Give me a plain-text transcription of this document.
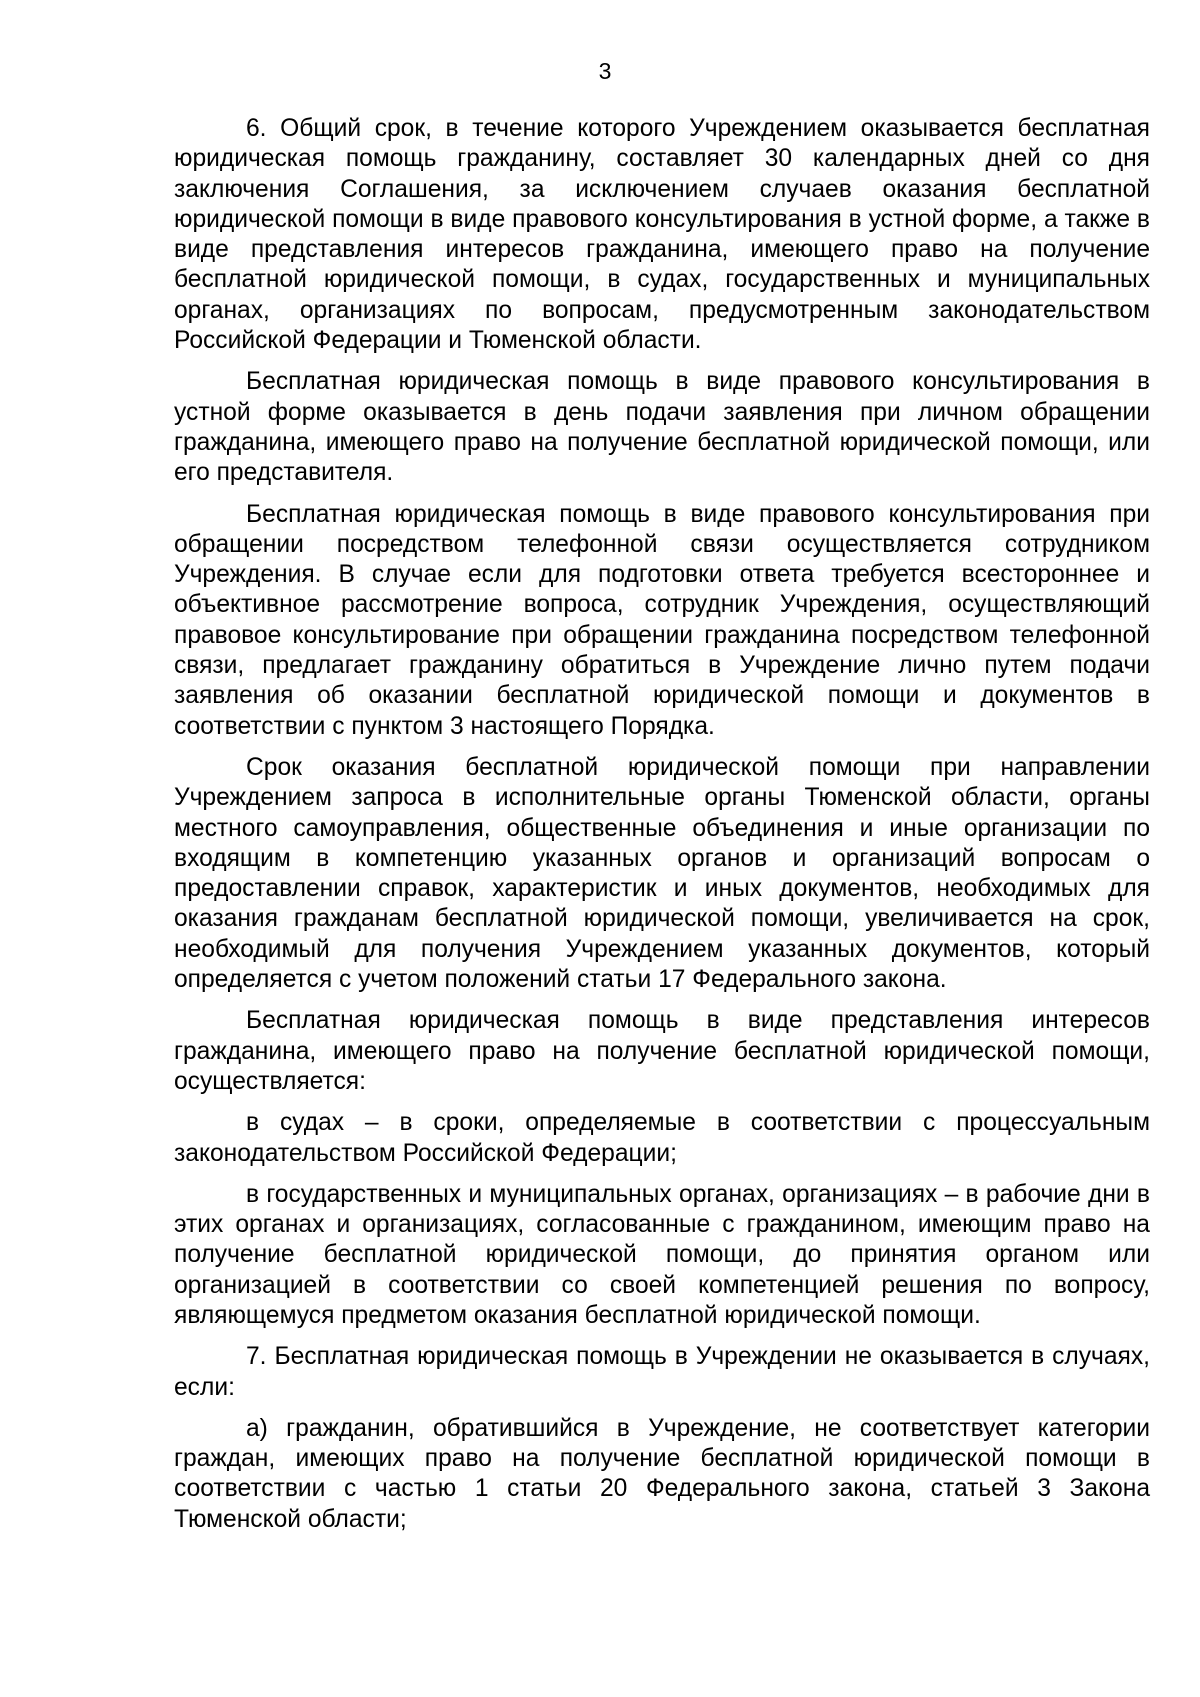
3

6. Общий срок, в течение которого Учреждением оказывается бесплатная юридическая помощь гражданину, составляет 30 календарных дней со дня заключения Соглашения, за исключением случаев оказания бесплатной юридической помощи в виде правового консультирования в устной форме, а также в виде представления интересов гражданина, имеющего право на получение бесплатной юридической помощи, в судах, государственных и муниципальных органах, организациях по вопросам, предусмотренным законодательством Российской Федерации и Тюменской области.

Бесплатная юридическая помощь в виде правового консультирования в устной форме оказывается в день подачи заявления при личном обращении гражданина, имеющего право на получение бесплатной юридической помощи, или его представителя.

Бесплатная юридическая помощь в виде правового консультирования при обращении посредством телефонной связи осуществляется сотрудником Учреждения. В случае если для подготовки ответа требуется всестороннее и объективное рассмотрение вопроса, сотрудник Учреждения, осуществляющий правовое консультирование при обращении гражданина посредством телефонной связи, предлагает гражданину обратиться в Учреждение лично путем подачи заявления об оказании бесплатной юридической помощи и документов в соответствии с пунктом 3 настоящего Порядка.

Срок оказания бесплатной юридической помощи при направлении Учреждением запроса в исполнительные органы Тюменской области, органы местного самоуправления, общественные объединения и иные организации по входящим в компетенцию указанных органов и организаций вопросам о предоставлении справок, характеристик и иных документов, необходимых для оказания гражданам бесплатной юридической помощи, увеличивается на срок, необходимый для получения Учреждением указанных документов, который определяется с учетом положений статьи 17 Федерального закона.

Бесплатная юридическая помощь в виде представления интересов гражданина, имеющего право на получение бесплатной юридической помощи, осуществляется:

в судах – в сроки, определяемые в соответствии с процессуальным законодательством Российской Федерации;

в государственных и муниципальных органах, организациях – в рабочие дни в этих органах и организациях, согласованные с гражданином, имеющим право на получение бесплатной юридической помощи, до принятия органом или организацией в соответствии со своей компетенцией решения по вопросу, являющемуся предметом оказания бесплатной юридической помощи.

7. Бесплатная юридическая помощь в Учреждении не оказывается в случаях, если:

а) гражданин, обратившийся в Учреждение, не соответствует категории граждан, имеющих право на получение бесплатной юридической помощи в соответствии с частью 1 статьи 20 Федерального закона, статьей 3 Закона Тюменской области;
